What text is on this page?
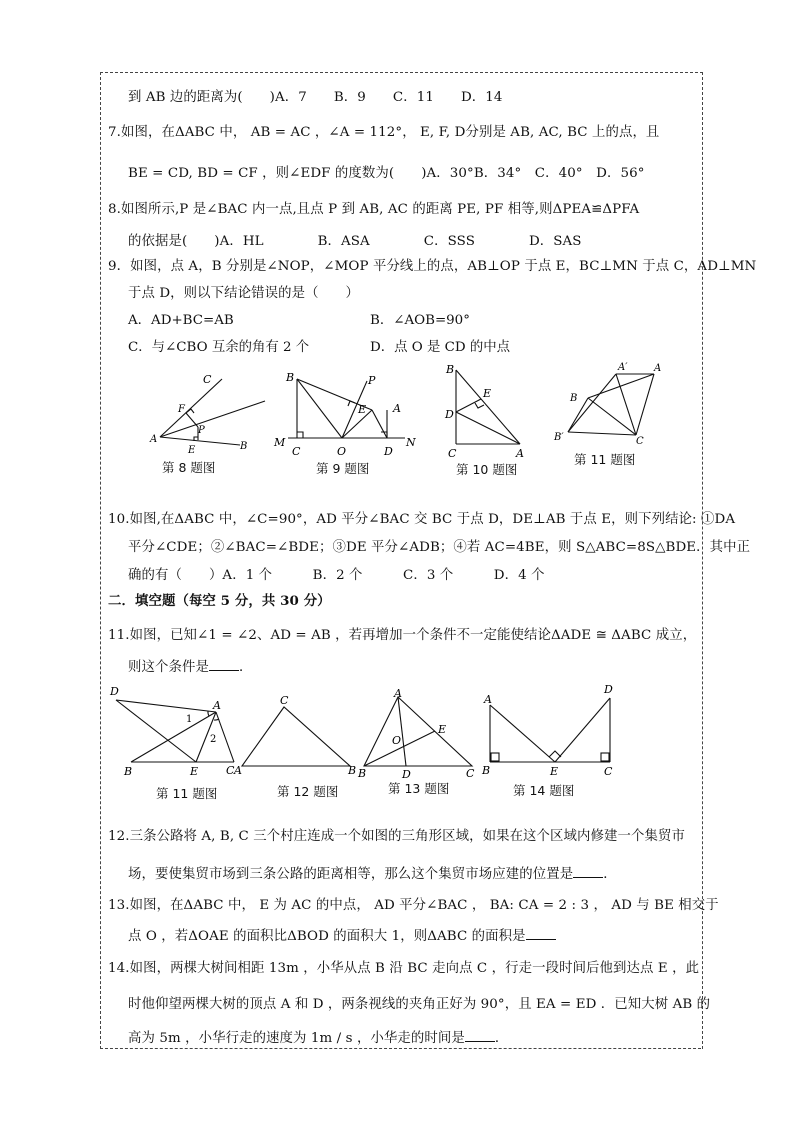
到 AB 边的距离为(　　)A．7　　B．9　　C．11　　D．14
7.如图，在ΔABC 中， AB = AC ，∠A = 112°， E, F, D分别是 AB, AC, BC 上的点，且
BE = CD, BD = CF ，则∠EDF 的度数为(　　)A．30°B．34°　C．40°　D．56°
8.如图所示,P 是∠BAC 内一点,且点 P 到 AB, AC 的距离 PE, PF 相等,则ΔPEA≌ΔPFA
的依据是(　　)A．HL　　　　B．ASA　　　　C．SSS　　　　D．SAS
9．如图，点 A，B 分别是∠NOP，∠MOP 平分线上的点，AB⊥OP 于点 E，BC⊥MN 于点 C，AD⊥MN
于点 D，则以下结论错误的是（　　）
A．AD+BC=AB	B．∠AOB=90°
C．与∠CBO 互余的角有 2 个	D．点 O 是 CD 的中点
C
F
P
A
E	B
第 8 题图
B	P
E A
M
C	O	D
N
第 9 题图
B
E
D
C	A
第 10 题图
A′	A
B
B′	C
第 11 题图
10.如图,在ΔABC 中，∠C=90°，AD 平分∠BAC 交 BC 于点 D，DE⊥AB 于点 E，则下列结论: ①DA
平分∠CDE；②∠BAC=∠BDE；③DE 平分∠ADB；④若 AC=4BE，则 S△ABC=8S△BDE．其中正
确的有（　　）A．1 个　　　B．2 个　　　C．3 个　　　D．4 个
二．填空题（每空 5 分，共 30 分）
11.如图，已知∠1 = ∠2、AD = AB ，若再增加一个条件不一定能使结论ΔADE ≅ ΔABC 成立，
则这个条件是 ．
D
A
1
2
B	E	C
第 11 题图
C
A	B
第 12 题图
A
E
O
B	D	C
第 13 题图
A
D
B	E	C
第 14 题图
12.三条公路将 A, B, C 三个村庄连成一个如图的三角形区域，如果在这个区域内修建一个集贸市
场，要使集贸市场到三条公路的距离相等，那么这个集贸市场应建的位置是 ．
13.如图，在ΔABC 中， E 为 AC 的中点， AD 平分∠BAC ， BA: CA = 2 : 3 ， AD 与 BE 相交于
点 O ，若ΔOAE 的面积比ΔBOD 的面积大 1，则ΔABC 的面积是
14.如图，两棵大树间相距 13m ，小华从点 B 沿 BC 走向点 C ，行走一段时间后他到达点 E ，此
时他仰望两棵大树的顶点 A 和 D ，两条视线的夹角正好为 90°，且 EA = ED ．已知大树 AB 的
高为 5m ，小华行走的速度为 1m / s ，小华走的时间是 ．
